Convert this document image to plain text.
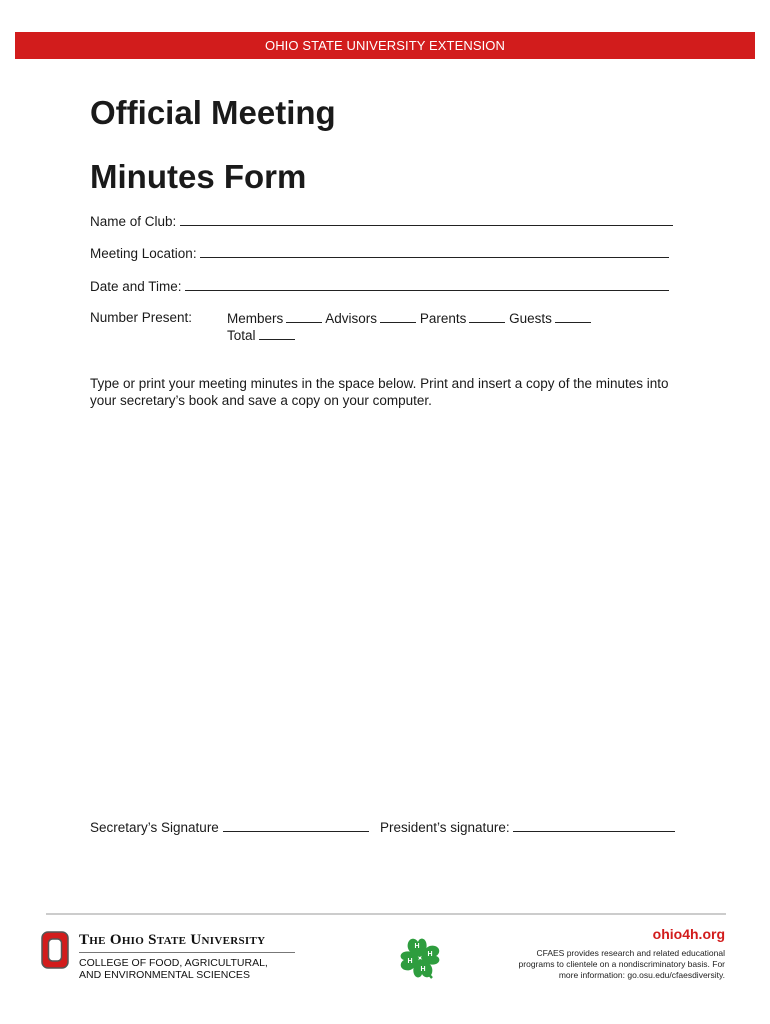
OHIO STATE UNIVERSITY EXTENSION
Official Meeting
Minutes Form
Name of Club:
Meeting Location:
Date and Time:
Number Present:	Members	Advisors	Parents	Guests
Total
Type or print your meeting minutes in the space below. Print and insert a copy of the minutes into your secretary’s book and save a copy on your computer.
Secretary’s Signature	President’s signature:
The Ohio State University
COLLEGE OF FOOD, AGRICULTURAL,
AND ENVIRONMENTAL SCIENCES
H
H
H
H
ohio4h.org
CFAES provides research and related educational
programs to clientele on a nondiscriminatory basis. For
more information: go.osu.edu/cfaesdiversity.
